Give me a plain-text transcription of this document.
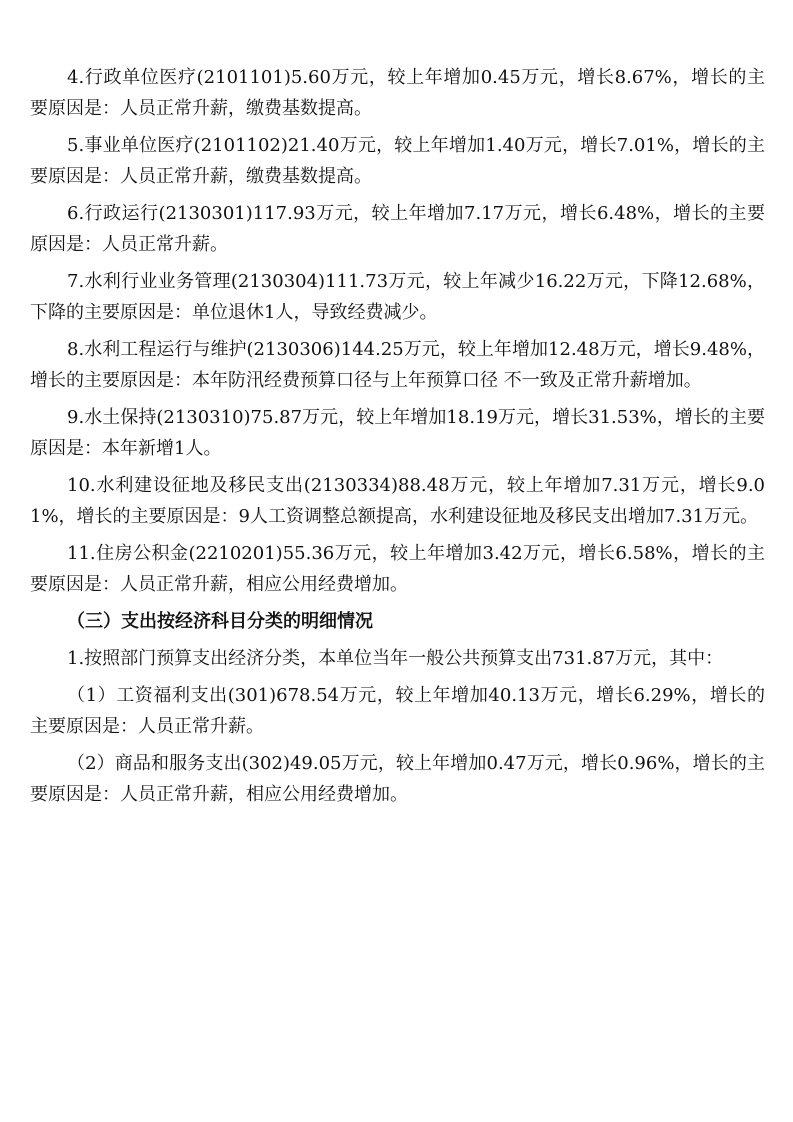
4.行政单位医疗(2101101)5.60万元，较上年增加0.45万元，增长8.67%，增长的主要原因是：人员正常升薪，缴费基数提高。

5.事业单位医疗(2101102)21.40万元，较上年增加1.40万元，增长7.01%，增长的主要原因是：人员正常升薪，缴费基数提高。

6.行政运行(2130301)117.93万元，较上年增加7.17万元，增长6.48%，增长的主要原因是：人员正常升薪。

7.水利行业业务管理(2130304)111.73万元，较上年减少16.22万元，下降12.68%，下降的主要原因是：单位退休1人，导致经费减少。

8.水利工程运行与维护(2130306)144.25万元，较上年增加12.48万元，增长9.48%，增长的主要原因是：本年防汛经费预算口径与上年预算口径 不一致及正常升薪增加。

9.水土保持(2130310)75.87万元，较上年增加18.19万元，增长31.53%，增长的主要原因是：本年新增1人。

10.水利建设征地及移民支出(2130334)88.48万元，较上年增加7.31万元，增长9.01%，增长的主要原因是：9人工资调整总额提高，水利建设征地及移民支出增加7.31万元。

11.住房公积金(2210201)55.36万元，较上年增加3.42万元，增长6.58%，增长的主要原因是：人员正常升薪，相应公用经费增加。

（三）支出按经济科目分类的明细情况

1.按照部门预算支出经济分类，本单位当年一般公共预算支出731.87万元，其中：

（1）工资福利支出(301)678.54万元，较上年增加40.13万元，增长6.29%，增长的主要原因是：人员正常升薪。

（2）商品和服务支出(302)49.05万元，较上年增加0.47万元，增长0.96%，增长的主要原因是：人员正常升薪，相应公用经费增加。
